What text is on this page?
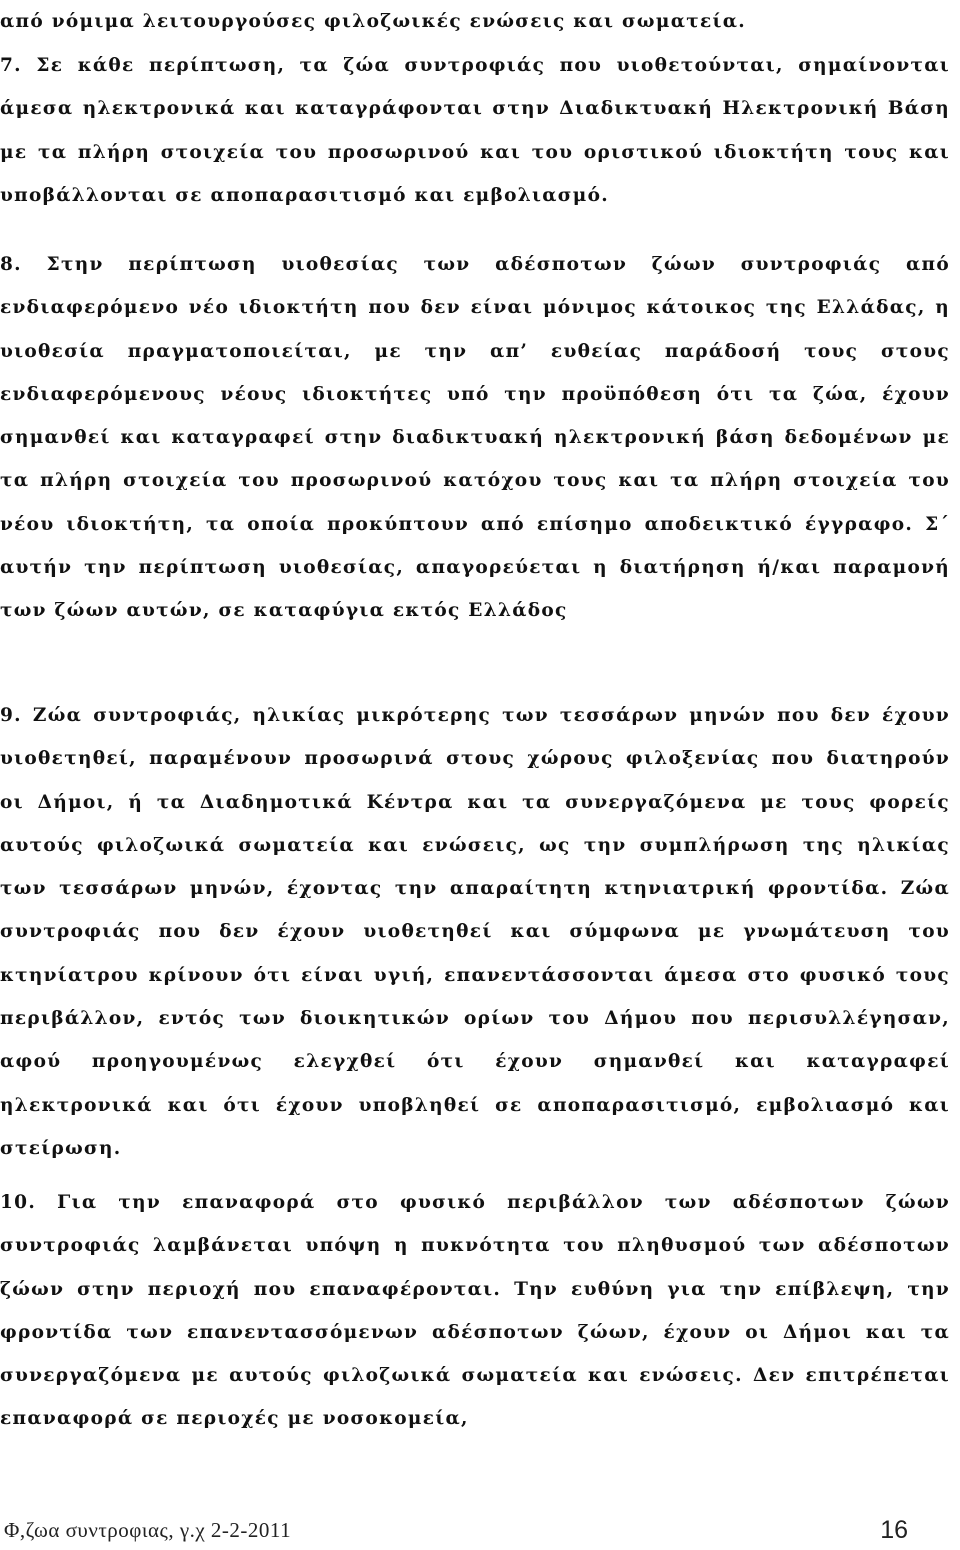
από νόμιμα λειτουργούσες φιλοζωικές ενώσεις και σωματεία.

7. Σε κάθε περίπτωση, τα ζώα συντροφιάς που υιοθετούνται, σημαίνονται άμεσα ηλεκτρονικά και καταγράφονται στην Διαδικτυακή Ηλεκτρονική Βάση με τα πλήρη στοιχεία του προσωρινού και του οριστικού ιδιοκτήτη τους και υποβάλλονται σε αποπαρασιτισμό και εμβολιασμό.

8. Στην περίπτωση υιοθεσίας των αδέσποτων ζώων συντροφιάς από ενδιαφερόμενο νέο ιδιοκτήτη που δεν είναι μόνιμος κάτοικος της Ελλάδας, η υιοθεσία πραγματοποιείται, με την απ’ ευθείας παράδοσή τους στους ενδιαφερόμενους νέους ιδιοκτήτες υπό την προϋπόθεση ότι τα ζώα, έχουν σημανθεί και καταγραφεί στην διαδικτυακή ηλεκτρονική βάση δεδομένων με τα πλήρη στοιχεία του προσωρινού κατόχου τους και τα πλήρη στοιχεία του νέου ιδιοκτήτη, τα οποία προκύπτουν από επίσημο αποδεικτικό έγγραφο. Σ΄ αυτήν την περίπτωση υιοθεσίας, απαγορεύεται η διατήρηση ή/και παραμονή των ζώων αυτών, σε καταφύγια εκτός Ελλάδος

9. Ζώα συντροφιάς, ηλικίας μικρότερης των τεσσάρων μηνών που δεν έχουν υιοθετηθεί, παραμένουν προσωρινά στους χώρους φιλοξενίας που διατηρούν οι Δήμοι, ή τα Διαδημοτικά Κέντρα και τα συνεργαζόμενα με τους φορείς αυτούς φιλοζωικά σωματεία και ενώσεις, ως την συμπλήρωση της ηλικίας των τεσσάρων μηνών, έχοντας την απαραίτητη κτηνιατρική φροντίδα. Ζώα συντροφιάς που δεν έχουν υιοθετηθεί και σύμφωνα με γνωμάτευση του κτηνίατρου κρίνουν ότι είναι υγιή, επανεντάσσονται άμεσα στο φυσικό τους περιβάλλον, εντός των διοικητικών ορίων του Δήμου που περισυλλέγησαν, αφού προηγουμένως ελεγχθεί ότι έχουν σημανθεί και καταγραφεί ηλεκτρονικά και ότι έχουν υποβληθεί σε αποπαρασιτισμό, εμβολιασμό και στείρωση.

10. Για την επαναφορά στο φυσικό περιβάλλον των αδέσποτων ζώων συντροφιάς λαμβάνεται υπόψη η πυκνότητα του πληθυσμού των αδέσποτων ζώων στην περιοχή που επαναφέρονται. Την ευθύνη για την επίβλεψη, την φροντίδα των επανεντασσόμενων αδέσποτων ζώων, έχουν οι Δήμοι και τα συνεργαζόμενα με αυτούς φιλοζωικά σωματεία και ενώσεις. Δεν επιτρέπεται επαναφορά σε περιοχές με νοσοκομεία,

Φ,ζωα συντροφιας, γ.χ 2-2-2011	16
